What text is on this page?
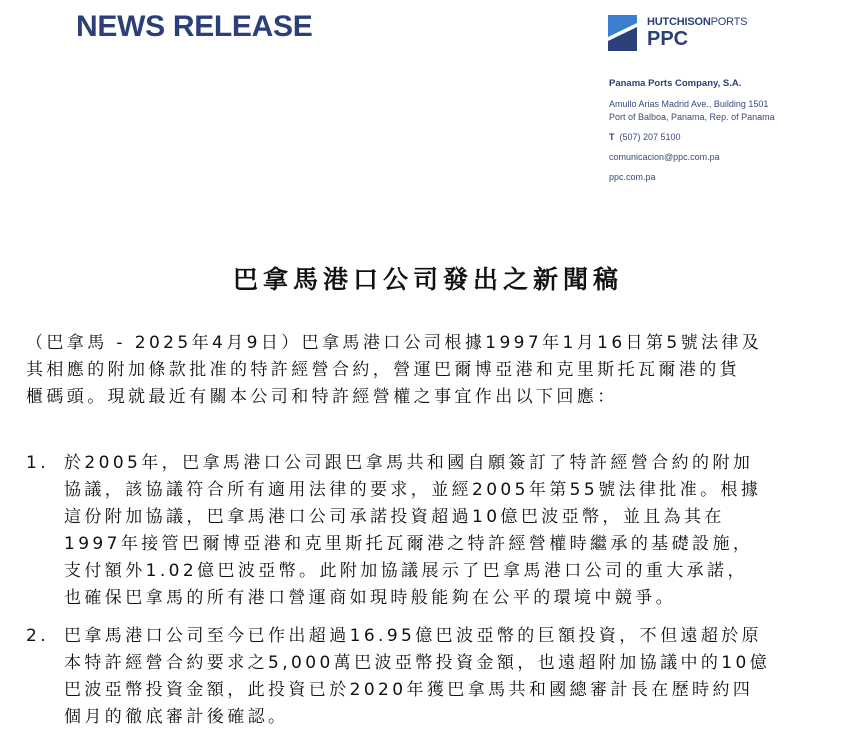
NEWS RELEASE	HUTCHISONPORTS
PPC
Panama Ports Company, S.A.
Amullo Arias Madrid Ave., Building 1501
Port of Balboa, Panama, Rep. of Panama
T (507) 207 5100
comunicacion@ppc.com.pa
ppc.com.pa
巴拿馬港口公司發出之新聞稿
（巴拿馬 - 2025年4月9日）巴拿馬港口公司根據1997年1月16日第5號法律及
其相應的附加條款批准的特許經營合約，營運巴爾博亞港和克里斯托瓦爾港的貨
櫃碼頭。現就最近有關本公司和特許經營權之事宜作出以下回應：
1. 於2005年，巴拿馬港口公司跟巴拿馬共和國自願簽訂了特許經營合約的附加
協議，該協議符合所有適用法律的要求，並經2005年第55號法律批准。根據
這份附加協議，巴拿馬港口公司承諾投資超過10億巴波亞幣，並且為其在
1997年接管巴爾博亞港和克里斯托瓦爾港之特許經營權時繼承的基礎設施，
支付額外1.02億巴波亞幣。此附加協議展示了巴拿馬港口公司的重大承諾，
也確保巴拿馬的所有港口營運商如現時般能夠在公平的環境中競爭。
2. 巴拿馬港口公司至今已作出超過16.95億巴波亞幣的巨額投資，不但遠超於原
本特許經營合約要求之5,000萬巴波亞幣投資金額，也遠超附加協議中的10億
巴波亞幣投資金額，此投資已於2020年獲巴拿馬共和國總審計長在歷時約四
個月的徹底審計後確認。
